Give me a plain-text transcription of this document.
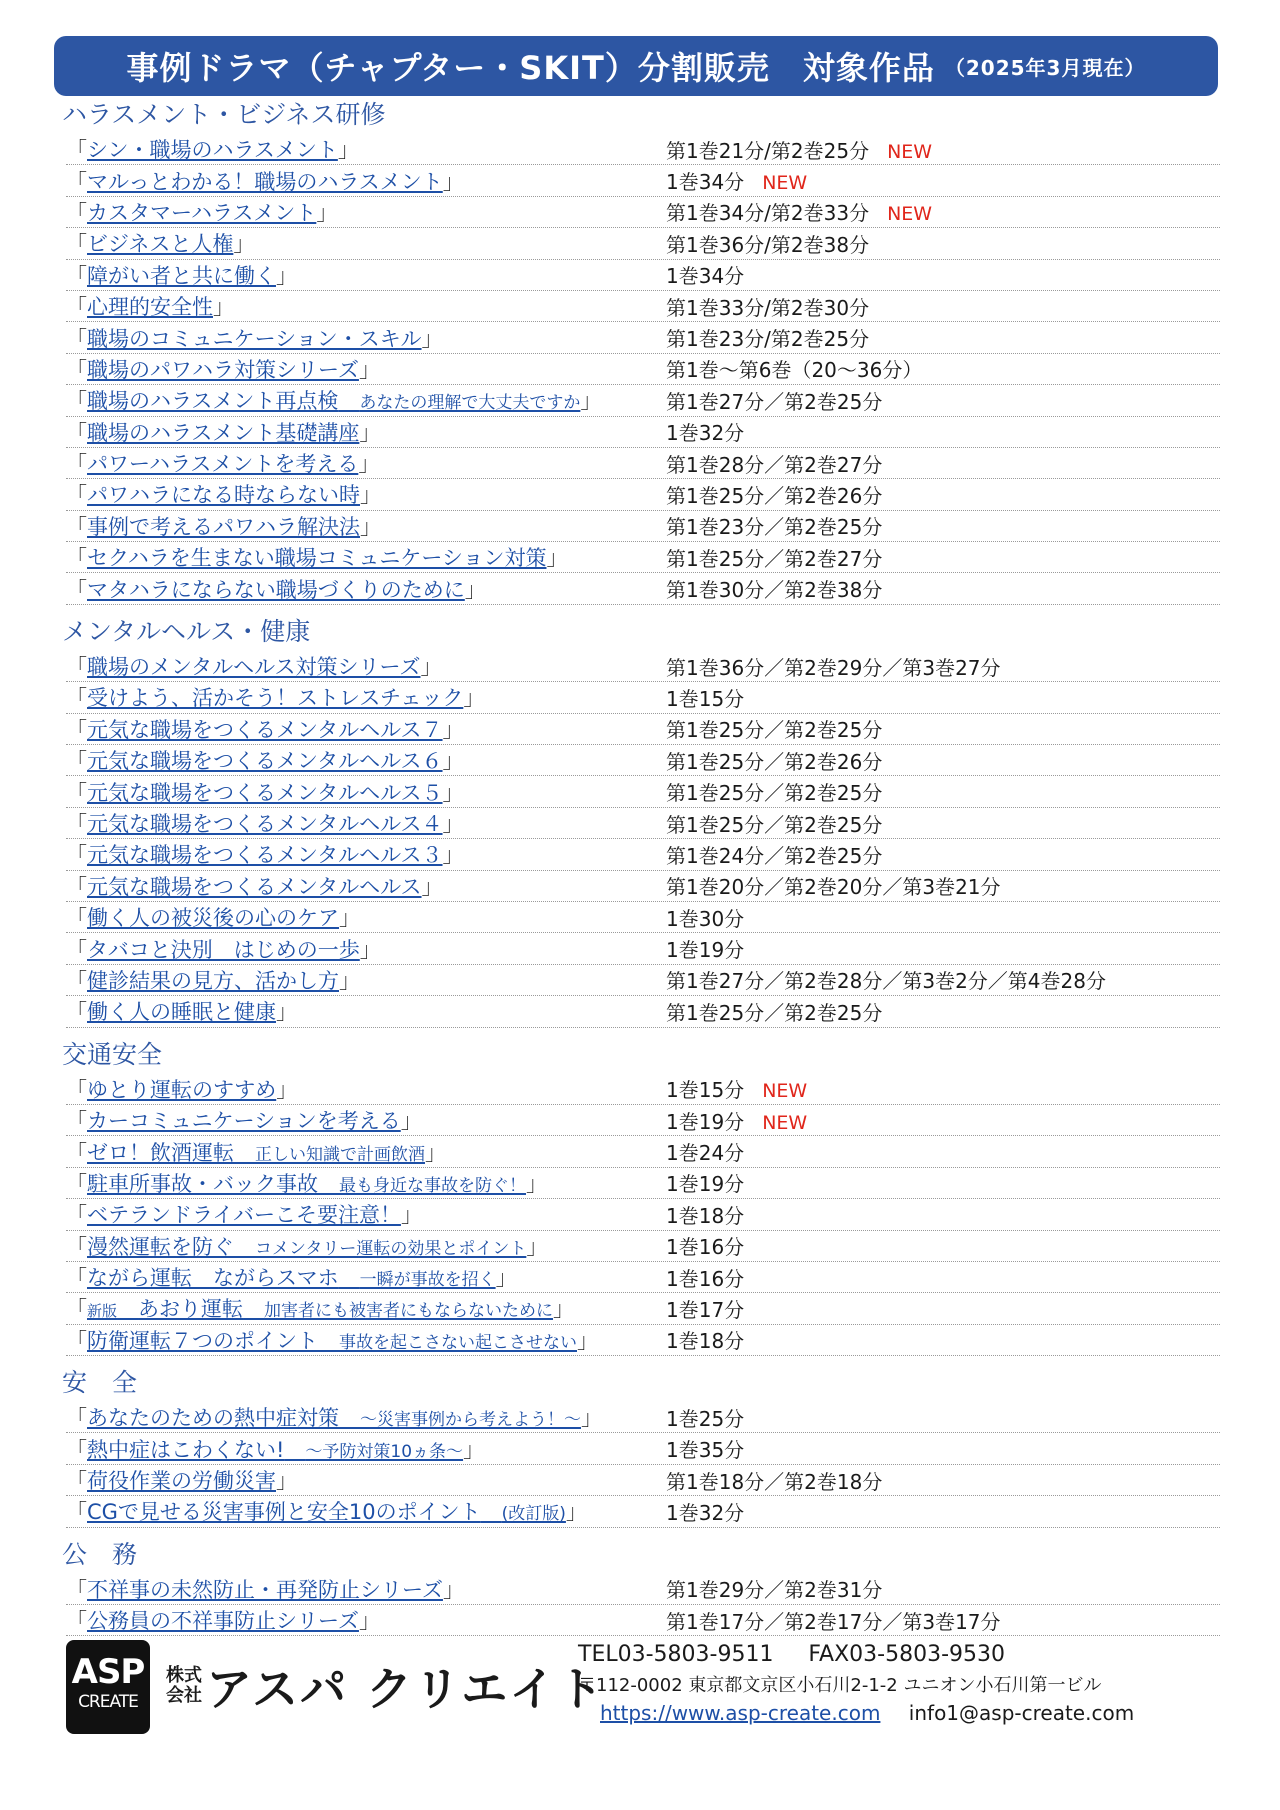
事例ドラマ（チャプター・SKIT）分割販売　対象作品 （2025年3月現在）
ハラスメント・ビジネス研修
「シン・職場のハラスメント」	第1巻21分/第2巻25分 NEW
「マルっとわかる！職場のハラスメント」	1巻34分 NEW
「カスタマーハラスメント」	第1巻34分/第2巻33分 NEW
「ビジネスと人権」	第1巻36分/第2巻38分
「障がい者と共に働く」	1巻34分
「心理的安全性」	第1巻33分/第2巻30分
「職場のコミュニケーション・スキル」	第1巻23分/第2巻25分
「職場のパワハラ対策シリーズ」	第1巻～第6巻（20～36分）
「職場のハラスメント再点検　 あなたの理解で大丈夫ですか」	第1巻27分／第2巻25分
「職場のハラスメント基礎講座」	1巻32分
「パワーハラスメントを考える」	第1巻28分／第2巻27分
「パワハラになる時ならない時」	第1巻25分／第2巻26分
「事例で考えるパワハラ解決法」	第1巻23分／第2巻25分
「セクハラを生まない職場コミュニケーション対策」	第1巻25分／第2巻27分
「マタハラにならない職場づくりのために」	第1巻30分／第2巻38分
メンタルヘルス・健康
「職場のメンタルヘルス対策シリーズ」	第1巻36分／第2巻29分／第3巻27分
「受けよう、活かそう！ストレスチェック」	1巻15分
「元気な職場をつくるメンタルヘルス７」	第1巻25分／第2巻25分
「元気な職場をつくるメンタルヘルス６」	第1巻25分／第2巻26分
「元気な職場をつくるメンタルヘルス５」	第1巻25分／第2巻25分
「元気な職場をつくるメンタルヘルス４」	第1巻25分／第2巻25分
「元気な職場をつくるメンタルヘルス３」	第1巻24分／第2巻25分
「元気な職場をつくるメンタルヘルス」	第1巻20分／第2巻20分／第3巻21分
「働く人の被災後の心のケア」	1巻30分
「タバコと決別　はじめの一歩」	1巻19分
「健診結果の見方、活かし方」	第1巻27分／第2巻28分／第3巻2分／第4巻28分
「働く人の睡眠と健康」	第1巻25分／第2巻25分
交通安全
「ゆとり運転のすすめ」	1巻15分 NEW
「カーコミュニケーションを考える」	1巻19分 NEW
「ゼロ！飲酒運転　 正しい知識で計画飲酒」	1巻24分
「駐車所事故・バック事故　 最も身近な事故を防ぐ！」	1巻19分
「ベテランドライバーこそ要注意！」	1巻18分
「漫然運転を防ぐ　 コメンタリー運転の効果とポイント」	1巻16分
「ながら運転　ながらスマホ　 一瞬が事故を招く」	1巻16分
「新版　 あおり運転　 加害者にも被害者にもならないために」	1巻17分
「防衛運転７つのポイント　 事故を起こさない起こさせない」	1巻18分
安　全
「あなたのための熱中症対策　 ～災害事例から考えよう！～」	1巻25分
「熱中症はこわくない!　 ～予防対策10ヵ条～」	1巻35分
「荷役作業の労働災害」	第1巻18分／第2巻18分
「CGで見せる災害事例と安全10のポイント　 (改訂版)」	1巻32分
公　務
「不祥事の未然防止・再発防止シリーズ」	第1巻29分／第2巻31分
「公務員の不祥事防止シリーズ」	第1巻17分／第2巻17分／第3巻17分
ASP
CREATE
株式会社 アスパ クリエイト
TEL03-5803-9511 FAX03-5803-9530
〒112-0002 東京都文京区小石川2-1-2 ユニオン小石川第一ビル
https://www.asp-create.com info1@asp-create.com
